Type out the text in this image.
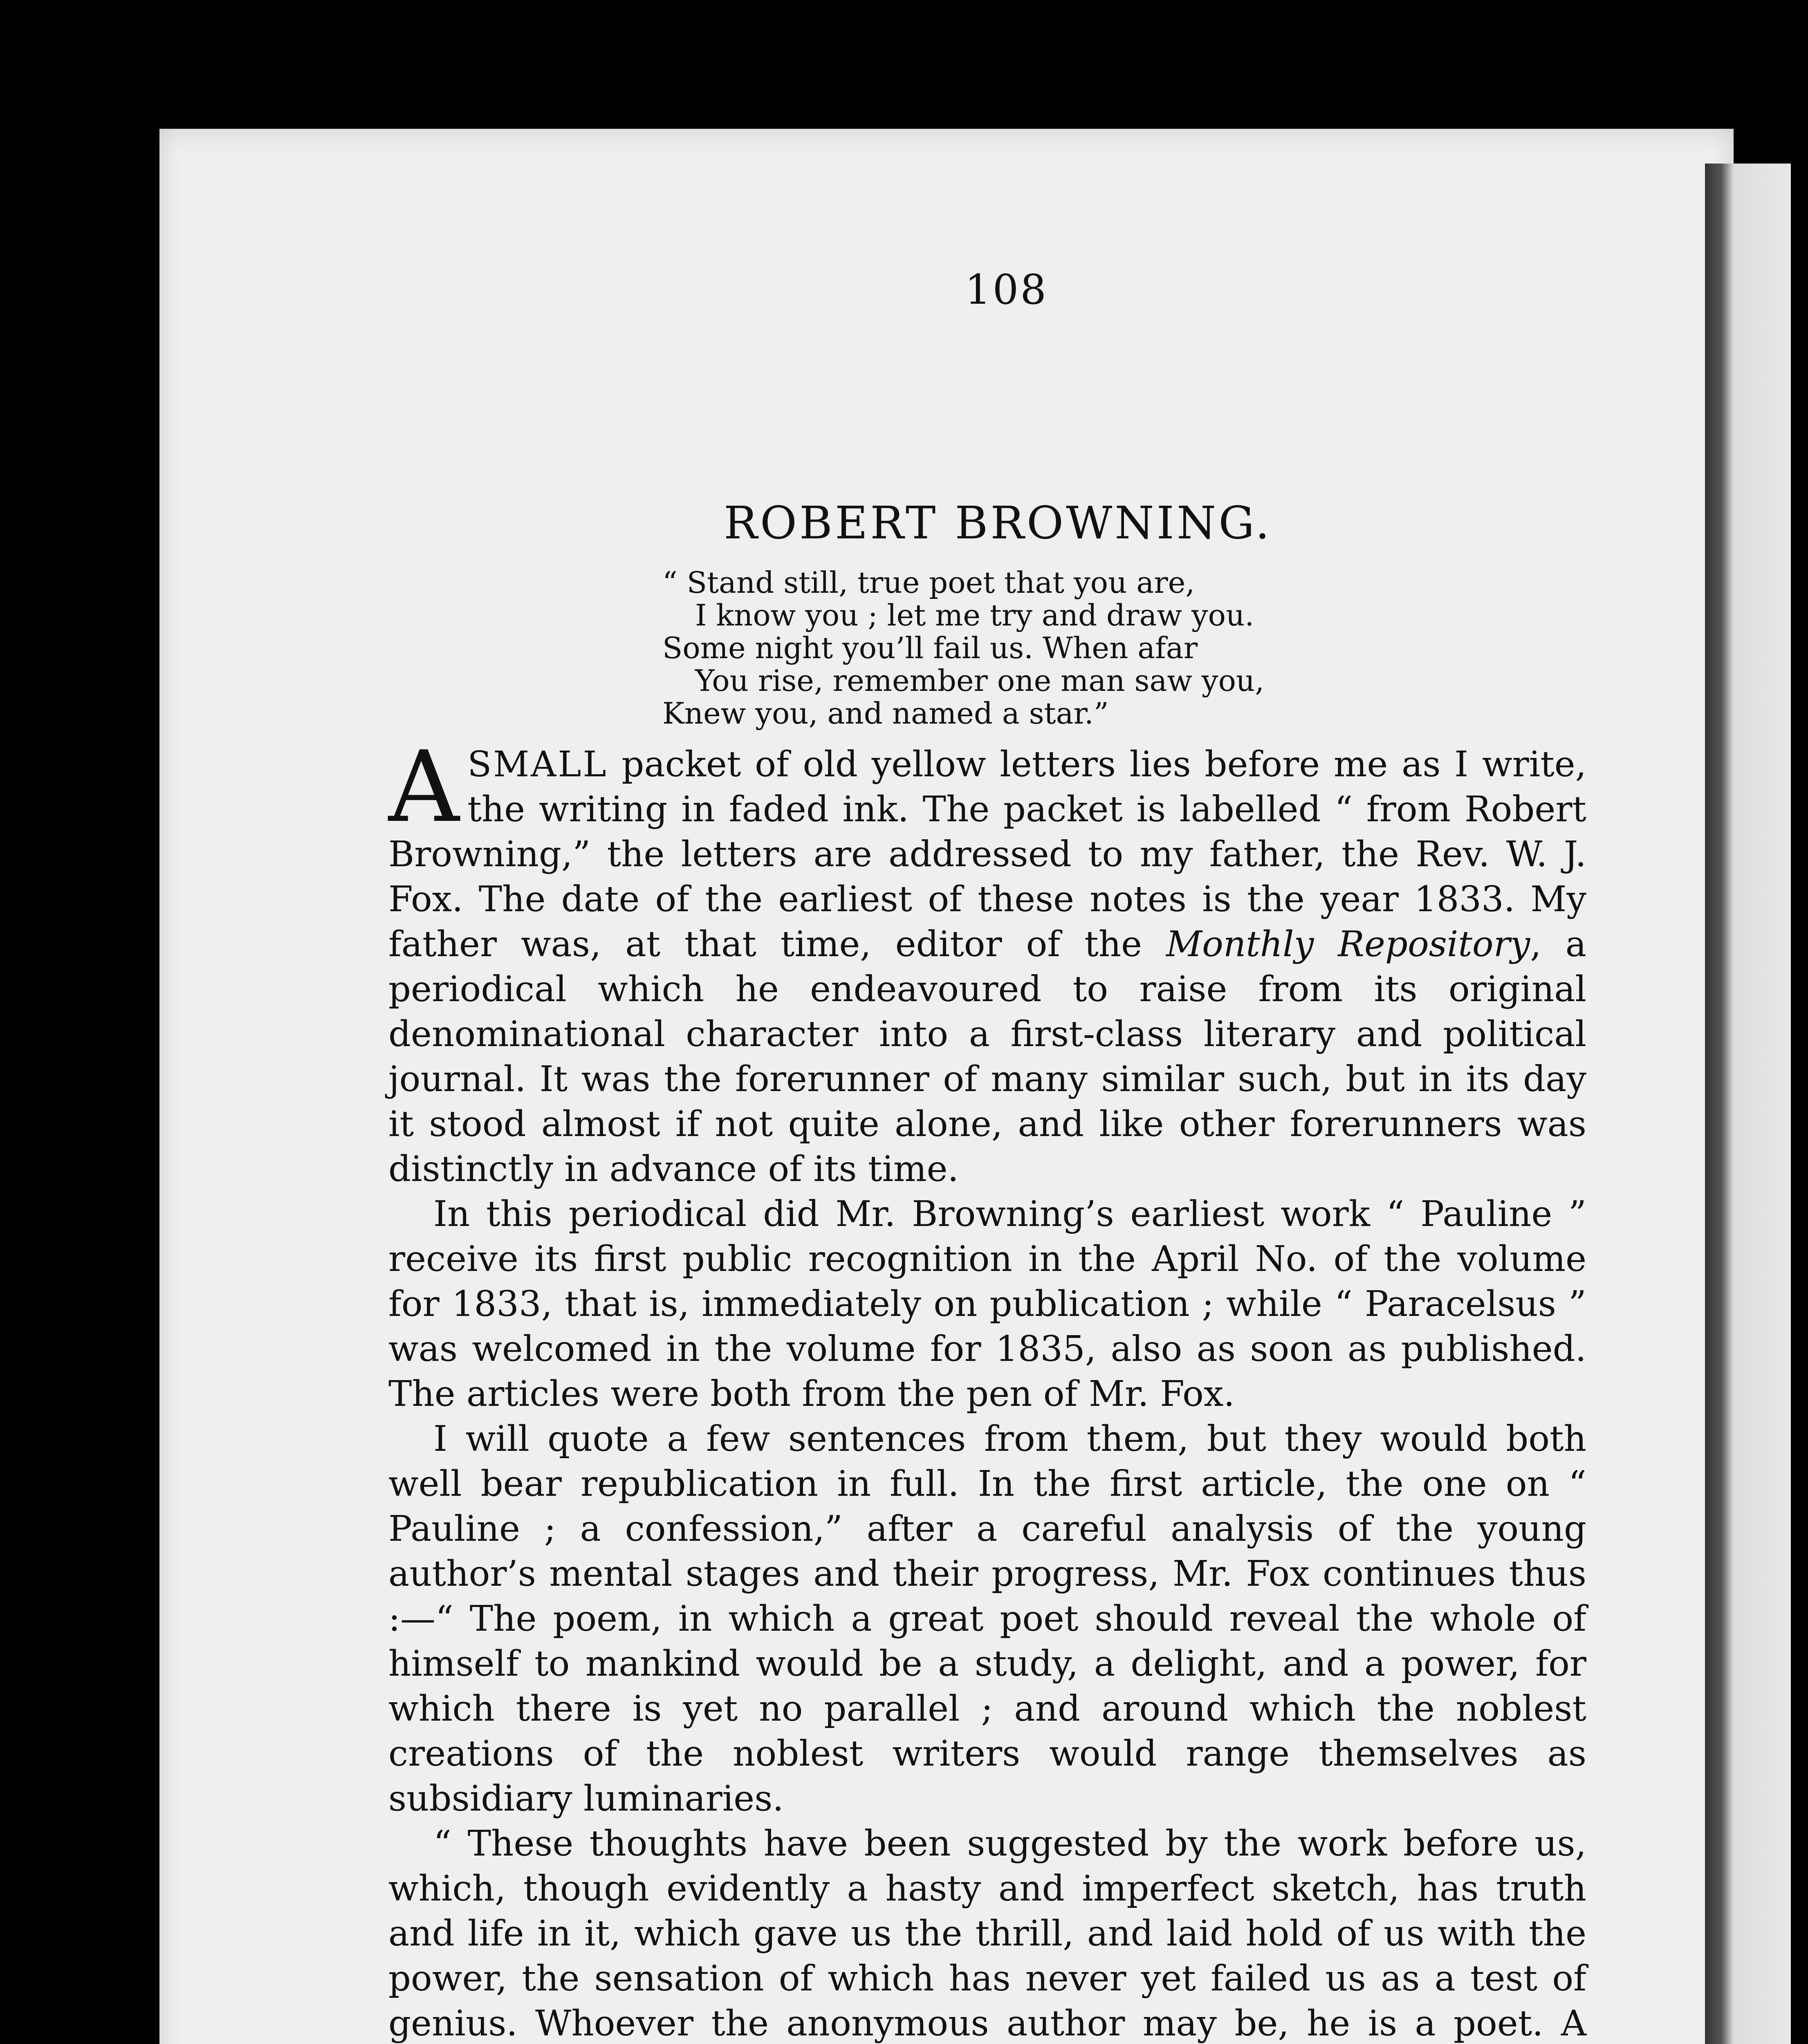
108
ROBERT BROWNING.
“ Stand still, true poet that you are,
I know you ; let me try and draw you.
Some night you’ll fail us. When afar
You rise, remember one man saw you,
Knew you, and named a star.”

ASMALL packet of old yellow letters lies before me as I write, the writing in faded ink. The packet is labelled “ from Robert Browning,” the letters are addressed to my father, the Rev. W. J. Fox. The date of the earliest of these notes is the year 1833. My father was, at that time, editor of the Monthly Repository, a periodical which he endeavoured to raise from its original denominational character into a first-class literary and political journal. It was the forerunner of many similar such, but in its day it stood almost if not quite alone, and like other forerunners was distinctly in advance of its time.

In this periodical did Mr. Browning’s earliest work “ Pauline ” receive its first public recognition in the April No. of the volume for 1833, that is, immediately on publication ; while “ Paracelsus ” was welcomed in the volume for 1835, also as soon as published. The articles were both from the pen of Mr. Fox.

I will quote a few sentences from them, but they would both well bear republication in full. In the first article, the one on “ Pauline ; a confession,” after a careful analysis of the young author’s mental stages and their progress, Mr. Fox continues thus :—“ The poem, in which a great poet should reveal the whole of himself to mankind would be a study, a delight, and a power, for which there is yet no parallel ; and around which the noblest creations of the noblest writers would range themselves as subsidiary luminaries.

“ These thoughts have been suggested by the work before us, which, though evidently a hasty and imperfect sketch, has truth and life in it, which gave us the thrill, and laid hold of us with the power, the sensation of which has never yet failed us as a test of genius. Whoever the anonymous author may be, he is a poet. A
